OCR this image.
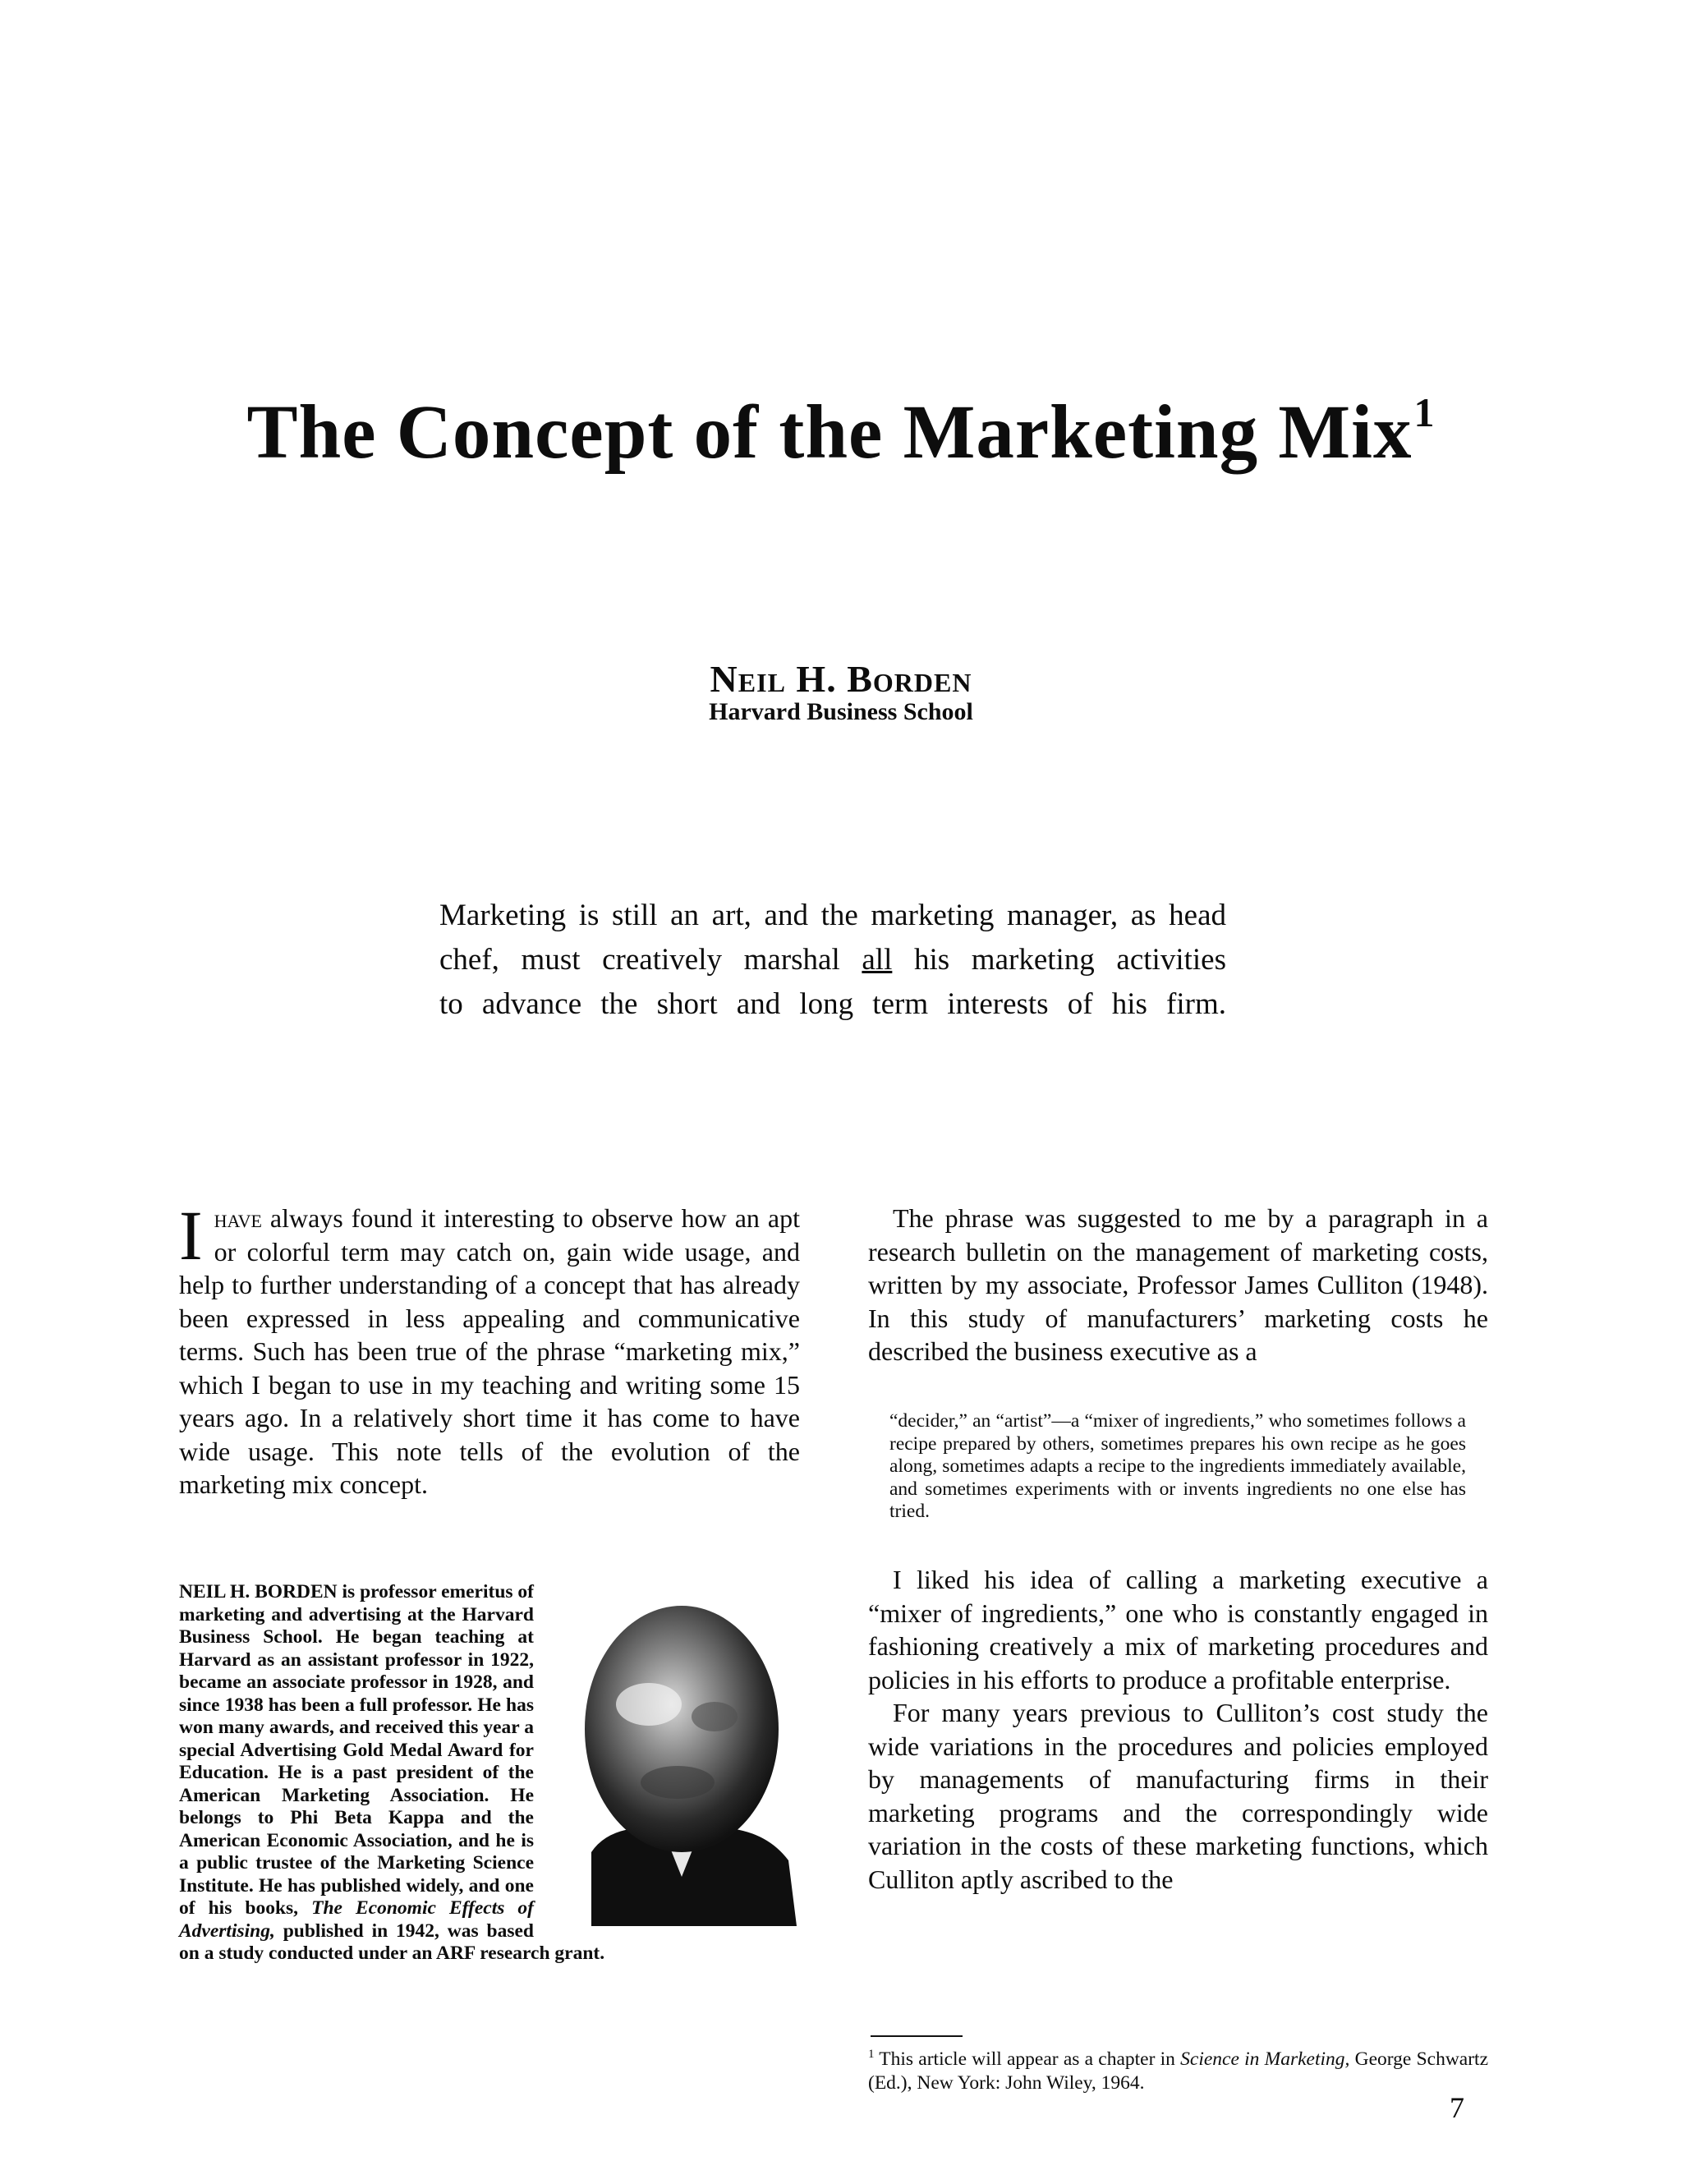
The Concept of the Marketing Mix$^1$
Neil H. Borden
Harvard Business School
Marketing is still an art, and the marketing manager, as head
chef, must creatively marshal all his marketing activities
to advance the short and long term interests of his firm.

Ihave always found it interesting to observe how an apt or colorful term may catch on, gain wide usage, and help to further understanding of a concept that has already been expressed in less appealing and communicative terms. Such has been true of the phrase “marketing mix,” which I began to use in my teaching and writing some 15 years ago. In a relatively short time it has come to have wide usage. This note tells of the evolution of the marketing mix concept.

NEIL H. BORDEN is professor emeritus of marketing and advertising at the Harvard Business School. He began teaching at Harvard as an assistant professor in 1922, became an associate professor in 1928, and since 1938 has been a full professor. He has won many awards, and received this year a special Advertising Gold Medal Award for Education. He is a past president of the American Marketing Association. He belongs to Phi Beta Kappa and the American Economic Association, and he is a public trustee of the Marketing Science Institute. He has published widely, and one of his books, The Economic Effects of Advertising, published in 1942, was based on a study conducted under an ARF research grant.

The phrase was suggested to me by a paragraph in a research bulletin on the management of marketing costs, written by my associate, Professor James Culliton (1948). In this study of manufacturers’ marketing costs he described the business executive as a

“decider,” an “artist”—a “mixer of ingredients,” who sometimes follows a recipe prepared by others, sometimes prepares his own recipe as he goes along, sometimes adapts a recipe to the ingredients immediately available, and sometimes experiments with or invents ingredients no one else has tried.

I liked his idea of calling a marketing executive a “mixer of ingredients,” one who is constantly engaged in fashioning creatively a mix of marketing procedures and policies in his efforts to produce a profitable enterprise.

For many years previous to Culliton’s cost study the wide variations in the procedures and policies employed by managements of manufacturing firms in their marketing programs and the correspondingly wide variation in the costs of these marketing functions, which Culliton aptly ascribed to the

$^1$ This article will appear as a chapter in Science in Marketing, George Schwartz (Ed.), New York: John Wiley, 1964.
7
